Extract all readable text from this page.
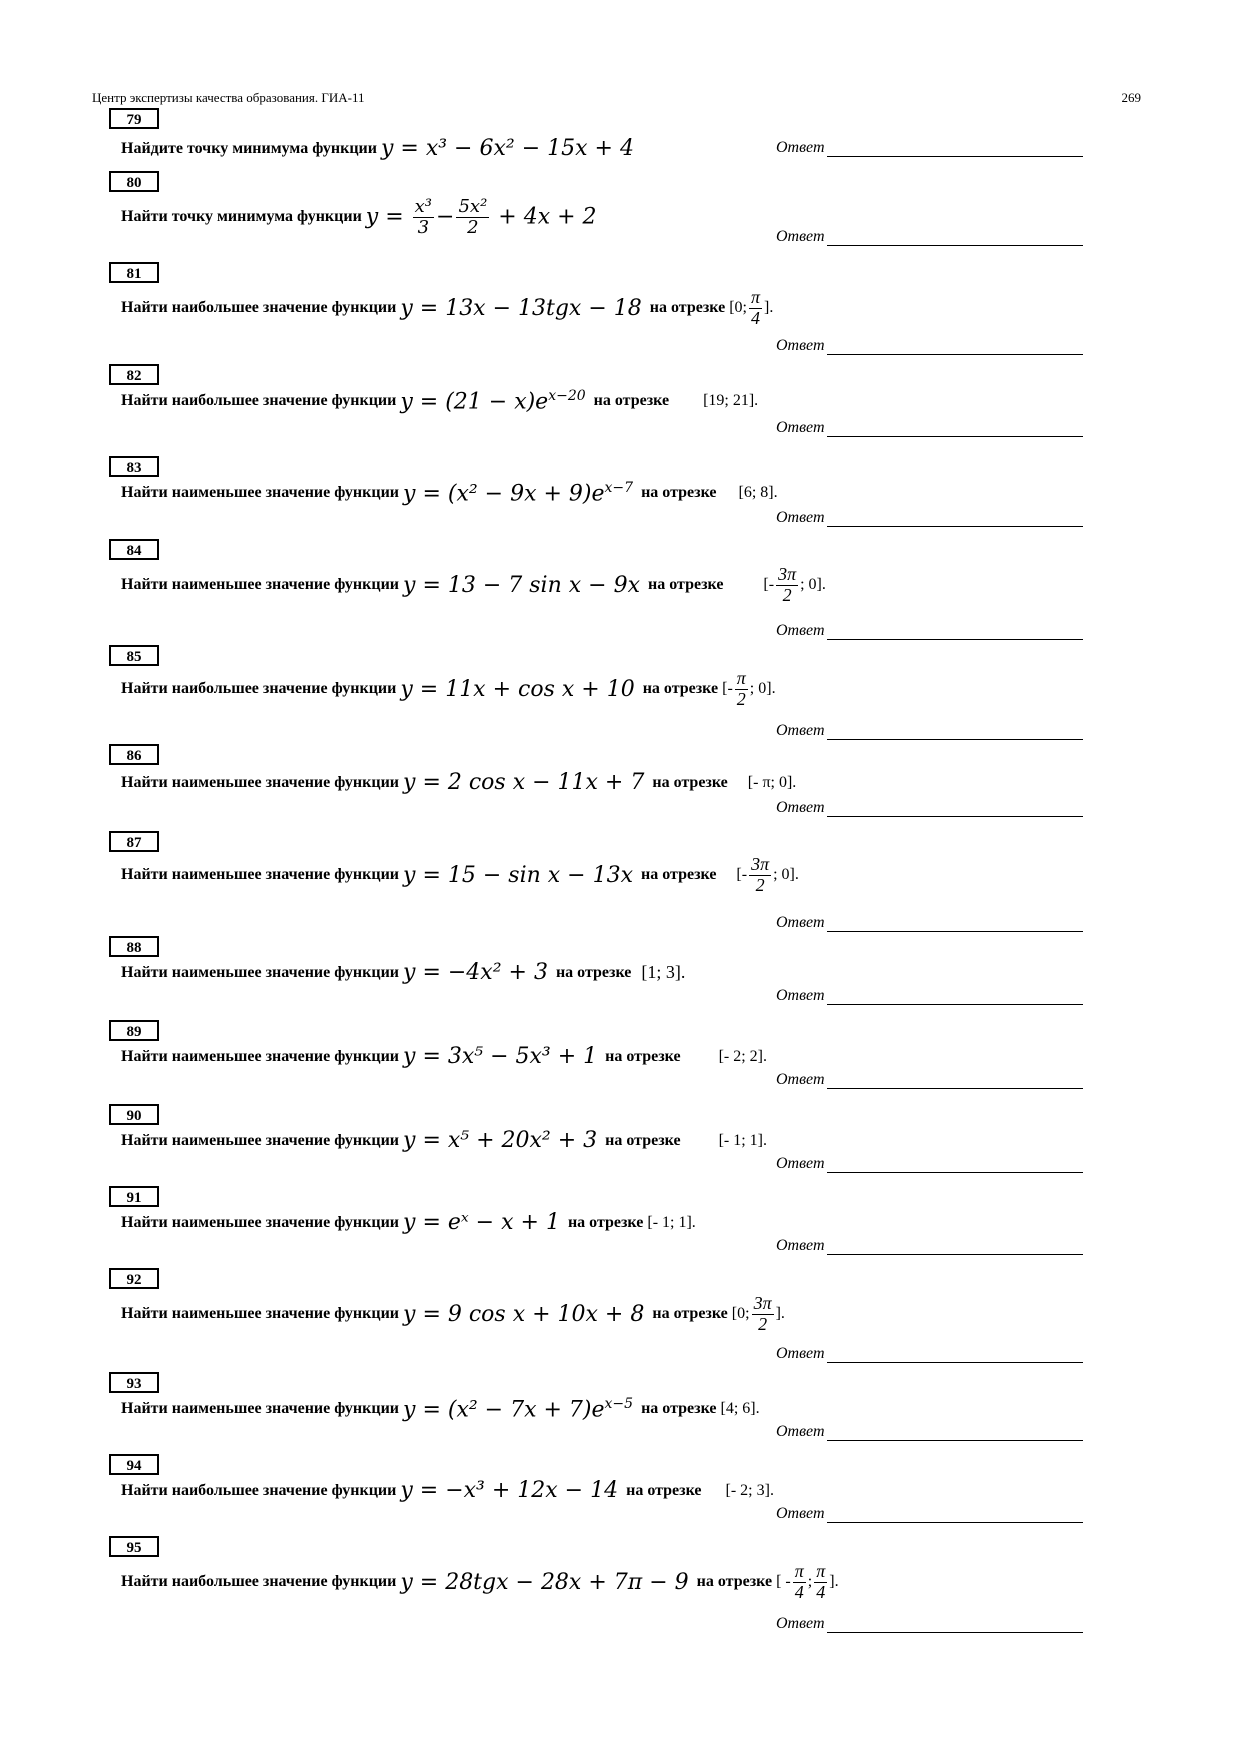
Центр экспертизы качества образования. ГИА-11	269
79
Найдите точку минимума функции y = x³ − 6x² − 15x + 4	Ответ
80
Найти точку минимума функции $y = \frac{\text{x³}}{3} - \frac{\text{5x²}}{2} + 4x + 2$
Ответ
81
Найти наибольшее значение функции y = 13x − 13tgx − 18 на отрезке [0; $\frac{\pi}{4}$ ].
Ответ
82
Найти наибольшее значение функции $y = (21 - x)e^{x-20}$ на отрезке [19; 21].
Ответ
83
Найти наименьшее значение функции $y = (x^2 - 9x + 9)e^{x-7}$ на отрезке [6; 8].
Ответ
84
Найти наименьшее значение функции y = 13 − 7 sin x − 9x на отрезке	[- $\frac{3\pi}{2}$ ; 0].
Ответ
85
Найти наибольшее значение функции y = 11x + cos x + 10 на отрезке [- $\frac{\pi}{2}$ ; 0].
Ответ
86
Найти наименьшее значение функции y = 2 cos x − 11x + 7 на отрезке [- π; 0].
Ответ
87
Найти наименьшее значение функции y = 15 − sin x − 13x на отрезке [- $\frac{3\pi}{2}$ ; 0].
Ответ
88
Найти наименьшее значение функции y = −4x² + 3 на отрезке [1; 3].
Ответ
89
Найти наименьшее значение функции y = 3x⁵ − 5x³ + 1 на отрезке [- 2; 2].
Ответ
90
Найти наименьшее значение функции y = x⁵ + 20x² + 3 на отрезке [- 1; 1].
Ответ
91
Найти наименьшее значение функции y = eˣ − x + 1 на отрезке [- 1; 1].
Ответ
92
Найти наименьшее значение функции y = 9 cos x + 10x + 8 на отрезке [0; $\frac{3\pi}{2}$ ].
Ответ
93
Найти наименьшее значение функции $y = (x^2 - 7x + 7)e^{x-5}$ на отрезке [4; 6].
Ответ
94
Найти наибольшее значение функции y = −x³ + 12x − 14 на отрезке [- 2; 3].
Ответ
95
Найти наибольшее значение функции y = 28tgx − 28x + 7π − 9 на отрезке [ - $\frac{\pi}{4}$ ; $\frac{\pi}{4}$ ].
Ответ
